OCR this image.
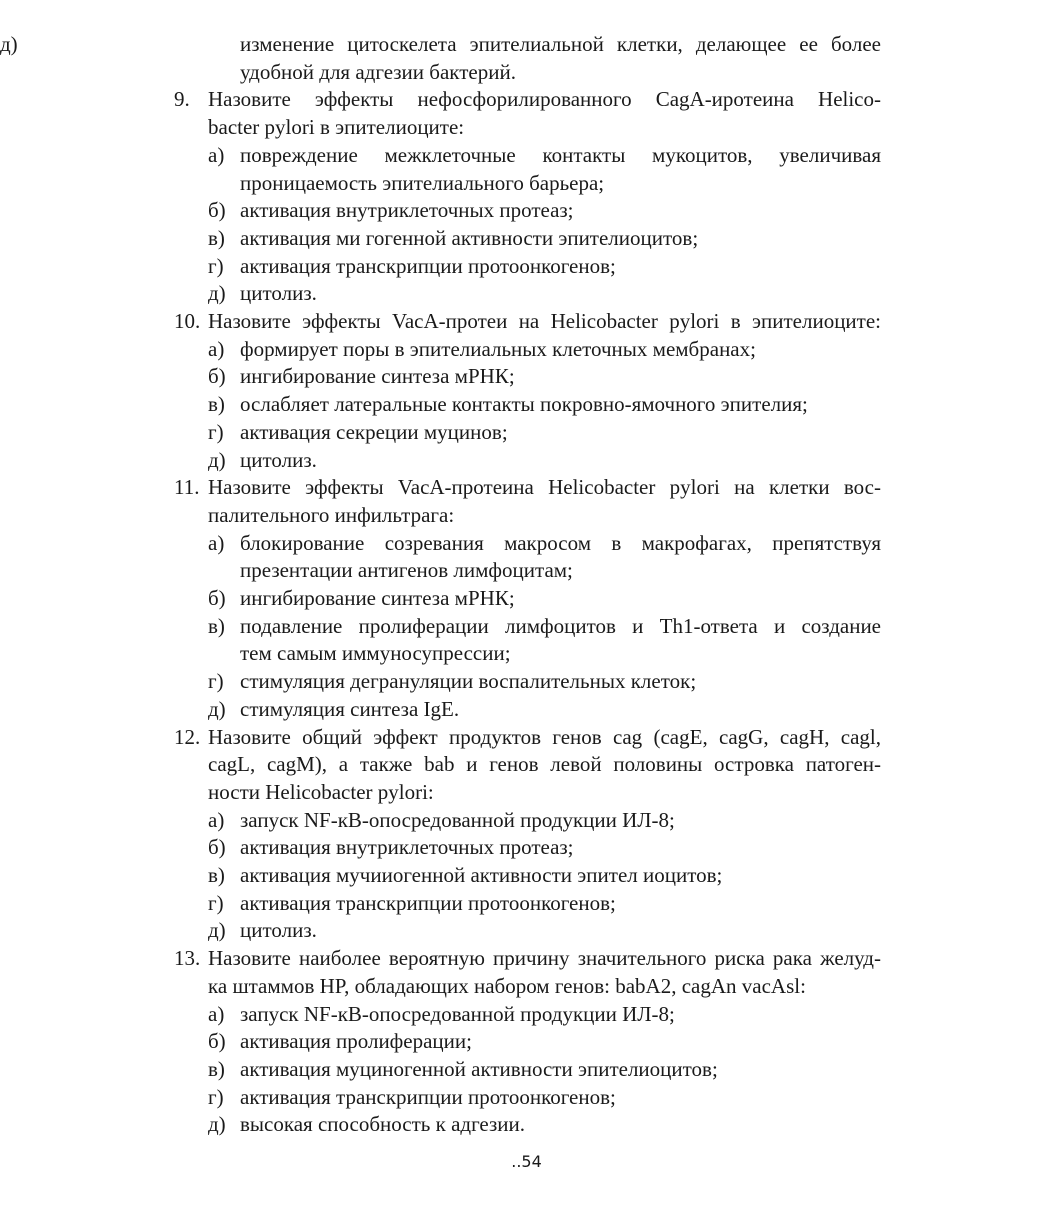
д)	изменение цитоскелета эпителиальной клетки, делающее ее более
удобной для адгезии бактерий.
9. Назовите эффекты нефосфорилированного CagA-иротеина Helico-
bacter pylori в эпителиоците:
а) повреждение межклеточные контакты мукоцитов, увеличивая
проницаемость эпителиального барьера;
б) активация внутриклеточных протеаз;
в) активация ми гогенной активности эпителиоцитов;
г) активация транскрипции протоонкогенов;
д) цитолиз.
10. Назовите эффекты VacA-протеи на Helicobacter pylori в эпителиоците:
а) формирует поры в эпителиальных клеточных мембранах;
б) ингибирование синтеза мРНК;
в) ослабляет латеральные контакты покровно-ямочного эпителия;
г) активация секреции муцинов;
д) цитолиз.
11. Назовите эффекты VacA-протеина Helicobacter pylori на клетки вос-
палительного инфильтрага:
а) блокирование созревания макросом в макрофагах, препятствуя
презентации антигенов лимфоцитам;
б) ингибирование синтеза мРНК;
в) подавление пролиферации лимфоцитов и Th1-ответа и создание
тем самым иммуносупрессии;
г) стимуляция дегрануляции воспалительных клеток;
д) стимуляция синтеза IgE.
12. Назовите общий эффект продуктов генов cag (cagE, cagG, cagH, cagl,
cagL, cagM), а также bab и генов левой половины островка патоген-
ности Helicobacter pylori:
а) запуск NF-кВ-опосредованной продукции ИЛ-8;
б) активация внутриклеточных протеаз;
в) активация мучииогенной активности эпител иоцитов;
г) активация транскрипции протоонкогенов;
д) цитолиз.
13. Назовите наиболее вероятную причину значительного риска рака желуд-
ка штаммов HP, обладающих набором генов: babA2, cagAn vacAsl:
а) запуск NF-кВ-опосредованной продукции ИЛ-8;
б) активация пролиферации;
в) активация муциногенной активности эпителиоцитов;
г) активация транскрипции протоонкогенов;
д) высокая способность к адгезии.
..54
